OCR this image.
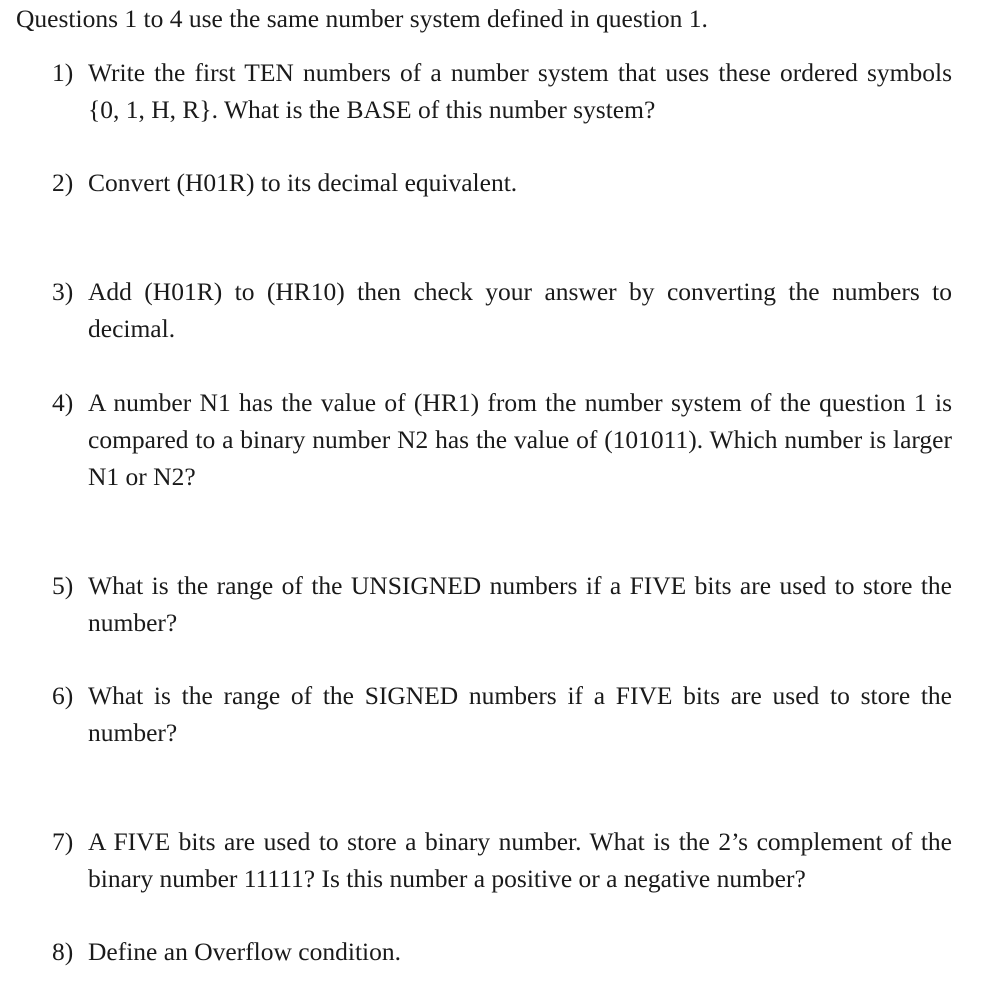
Questions 1 to 4 use the same number system defined in question 1.
1) Write the first TEN numbers of a number system that uses these ordered symbols {0, 1, H, R}. What is the BASE of this number system?
2) Convert (H01R) to its decimal equivalent.
3) Add (H01R) to (HR10) then check your answer by converting the numbers to decimal.
4) A number N1 has the value of (HR1) from the number system of the question 1 is compared to a binary number N2 has the value of (101011). Which number is larger N1 or N2?
5) What is the range of the UNSIGNED numbers if a FIVE bits are used to store the number?
6) What is the range of the SIGNED numbers if a FIVE bits are used to store the number?
7) A FIVE bits are used to store a binary number. What is the 2’s complement of the binary number 11111? Is this number a positive or a negative number?
8) Define an Overflow condition.
